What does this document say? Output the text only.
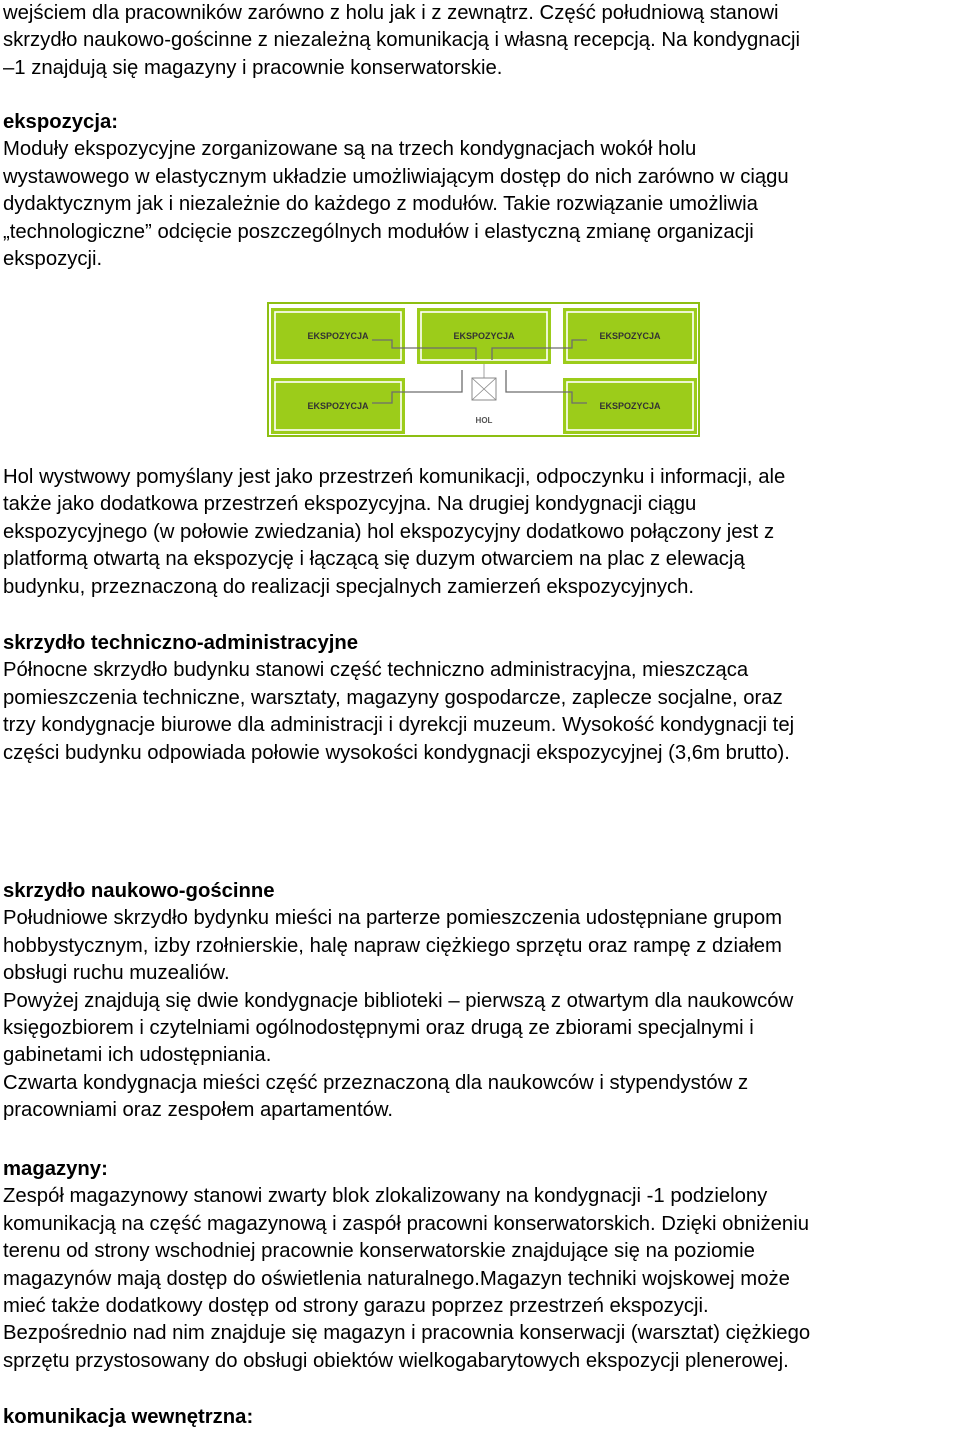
wejściem dla pracowników zarówno z holu jak i z zewnątrz. Część południową stanowi
skrzydło naukowo-gościnne z niezależną komunikacją i własną recepcją. Na kondygnacji
–1 znajdują się magazyny i pracownie konserwatorskie.

ekspozycja:
Moduły ekspozycyjne zorganizowane są na trzech kondygnacjach wokół holu
wystawowego w elastycznym układzie umożliwiającym dostęp do nich zarówno w ciągu
dydaktycznym jak i niezależnie do każdego z modułów. Takie rozwiązanie umożliwia
„technologiczne” odcięcie poszczególnych modułów i elastyczną zmianę organizacji
ekspozycji.

Hol wystwowy pomyślany jest jako przestrzeń komunikacji, odpoczynku i informacji, ale
także jako dodatkowa przestrzeń ekspozycyjna. Na drugiej kondygnacji ciągu
ekspozycyjnego (w połowie zwiedzania) hol ekspozycyjny dodatkowo połączony jest z
platformą otwartą na ekspozycję i łączącą się duzym otwarciem na plac z elewacją
budynku, przeznaczoną do realizacji specjalnych zamierzeń ekspozycyjnych.

skrzydło techniczno-administracyjne
Północne skrzydło budynku stanowi część techniczno administracyjna, mieszcząca
pomieszczenia techniczne, warsztaty, magazyny gospodarcze, zaplecze socjalne, oraz
trzy kondygnacje biurowe dla administracji i dyrekcji muzeum. Wysokość kondygnacji tej
części budynku odpowiada połowie wysokości kondygnacji ekspozycyjnej (3,6m brutto).

skrzydło naukowo-gościnne
Południowe skrzydło bydynku mieści na parterze pomieszczenia udostępniane grupom
hobbystycznym, izby rzołnierskie, halę napraw ciężkiego sprzętu oraz rampę z działem
obsługi ruchu muzealiów.
Powyżej znajdują się dwie kondygnacje biblioteki – pierwszą z otwartym dla naukowców
księgozbiorem i czytelniami ogólnodostępnymi oraz drugą ze zbiorami specjalnymi i
gabinetami ich udostępniania.
Czwarta kondygnacja mieści część przeznaczoną dla naukowców i stypendystów z
pracowniami oraz zespołem apartamentów.

magazyny:
Zespół magazynowy stanowi zwarty blok zlokalizowany na kondygnacji -1 podzielony
komunikacją na część magazynową i zaspół pracowni konserwatorskich. Dzięki obniżeniu
terenu od strony wschodniej pracownie konserwatorskie znajdujące się na poziomie
magazynów mają dostęp do oświetlenia naturalnego.Magazyn techniki wojskowej może
mieć także dodatkowy dostęp od strony garazu poprzez przestrzeń ekspozycji.
Bezpośrednio nad nim znajduje się magazyn i pracownia konserwacji (warsztat) ciężkiego
sprzętu przystosowany do obsługi obiektów wielkogabarytowych ekspozycji plenerowej.

komunikacja wewnętrzna:

EKSPOZYCJA	EKSPOZYCJA	EKSPOZYCJA
EKSPOZYCJA	EKSPOZYCJA
HOL
